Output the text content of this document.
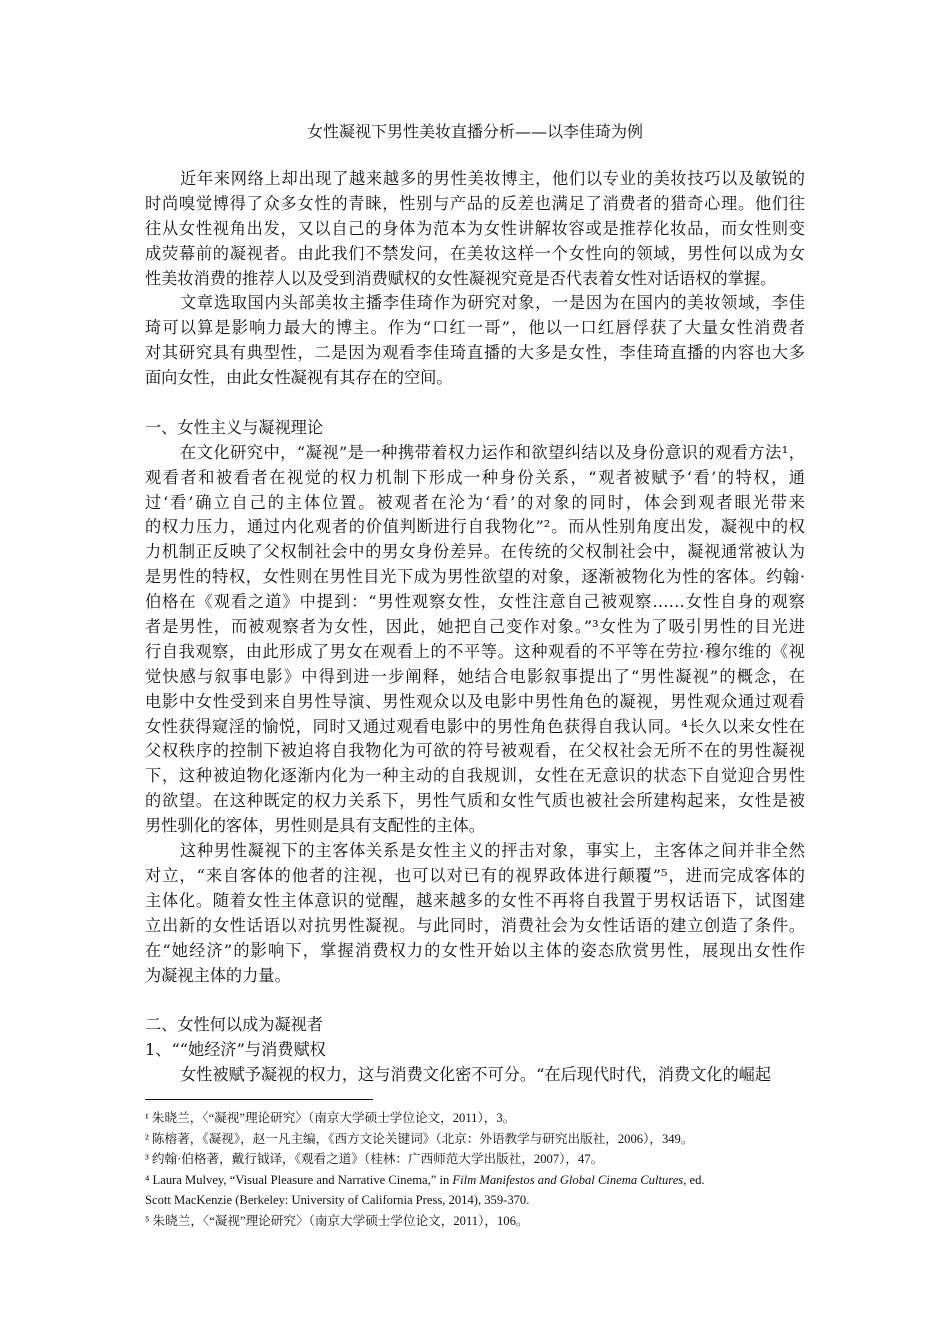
女性凝视下男性美妆直播分析——以李佳琦为例
近年来网络上却出现了越来越多的男性美妆博主，他们以专业的美妆技巧以及敏锐的
时尚嗅觉博得了众多女性的青睐，性别与产品的反差也满足了消费者的猎奇心理。他们往
往从女性视角出发，又以自己的身体为范本为女性讲解妆容或是推荐化妆品，而女性则变
成荧幕前的凝视者。由此我们不禁发问，在美妆这样一个女性向的领域，男性何以成为女
性美妆消费的推荐人以及受到消费赋权的女性凝视究竟是否代表着女性对话语权的掌握。
文章选取国内头部美妆主播李佳琦作为研究对象，一是因为在国内的美妆领域，李佳
琦可以算是影响力最大的博主。作为“口红一哥”，他以一口红唇俘获了大量女性消费者
对其研究具有典型性，二是因为观看李佳琦直播的大多是女性，李佳琦直播的内容也大多
面向女性，由此女性凝视有其存在的空间。
一、女性主义与凝视理论
在文化研究中，“凝视”是一种携带着权力运作和欲望纠结以及身份意识的观看方法¹，
观看者和被看者在视觉的权力机制下形成一种身份关系，“观者被赋予‘看’的特权，通
过‘看’确立自己的主体位置。被观者在沦为‘看’的对象的同时，体会到观者眼光带来
的权力压力，通过内化观者的价值判断进行自我物化”²。而从性别角度出发，凝视中的权
力机制正反映了父权制社会中的男女身份差异。在传统的父权制社会中，凝视通常被认为
是男性的特权，女性则在男性目光下成为男性欲望的对象，逐渐被物化为性的客体。约翰·
伯格在《观看之道》中提到：“男性观察女性，女性注意自己被观察……女性自身的观察
者是男性，而被观察者为女性，因此，她把自己变作对象。”³女性为了吸引男性的目光进
行自我观察，由此形成了男女在观看上的不平等。这种观看的不平等在劳拉·穆尔维的《视
觉快感与叙事电影》中得到进一步阐释，她结合电影叙事提出了“男性凝视”的概念，在
电影中女性受到来自男性导演、男性观众以及电影中男性角色的凝视，男性观众通过观看
女性获得窥淫的愉悦，同时又通过观看电影中的男性角色获得自我认同。⁴长久以来女性在
父权秩序的控制下被迫将自我物化为可欲的符号被观看，在父权社会无所不在的男性凝视
下，这种被迫物化逐渐内化为一种主动的自我规训，女性在无意识的状态下自觉迎合男性
的欲望。在这种既定的权力关系下，男性气质和女性气质也被社会所建构起来，女性是被
男性驯化的客体，男性则是具有支配性的主体。
这种男性凝视下的主客体关系是女性主义的抨击对象，事实上，主客体之间并非全然
对立，“来自客体的他者的注视，也可以对已有的视界政体进行颠覆”⁵，进而完成客体的
主体化。随着女性主体意识的觉醒，越来越多的女性不再将自我置于男权话语下，试图建
立出新的女性话语以对抗男性凝视。与此同时，消费社会为女性话语的建立创造了条件。
在“她经济”的影响下，掌握消费权力的女性开始以主体的姿态欣赏男性，展现出女性作
为凝视主体的力量。
二、女性何以成为凝视者
1、““她经济”与消费赋权
女性被赋予凝视的权力，这与消费文化密不可分。“在后现代时代，消费文化的崛起
¹ 朱晓兰，〈“凝视”理论研究〉（南京大学硕士学位论文，2011），3。
² 陈榕著，《凝视》，赵一凡主编，《西方文论关键词》（北京：外语教学与研究出版社，2006），349。
³ 约翰·伯格著，戴行钺译，《观看之道》（桂林：广西师范大学出版社，2007），47。
⁴ Laura Mulvey, “Visual Pleasure and Narrative Cinema,” in Film Manifestos and Global Cinema Cultures, ed.
Scott MacKenzie (Berkeley: University of California Press, 2014), 359-370.
⁵ 朱晓兰，〈“凝视”理论研究〉（南京大学硕士学位论文，2011），106。
